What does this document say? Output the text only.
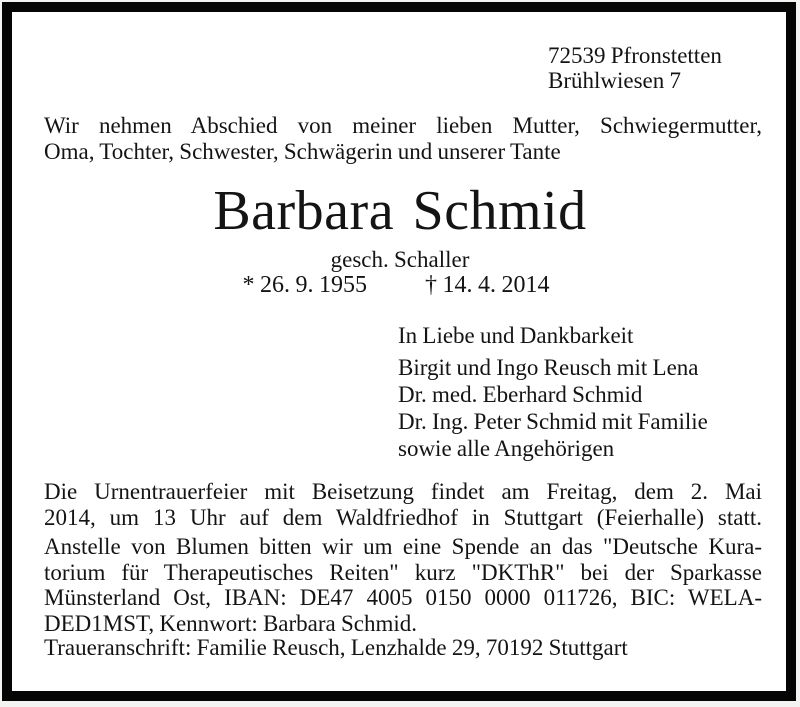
72539 Pfronstetten
Brühlwiesen 7
Wir nehmen Abschied von meiner lieben Mutter, Schwiegermutter,
Oma, Tochter, Schwester, Schwägerin und unserer Tante
Barbara Schmid
gesch. Schaller
* 26. 9. 1955 † 14. 4. 2014
In Liebe und Dankbarkeit
Birgit und Ingo Reusch mit Lena
Dr. med. Eberhard Schmid
Dr. Ing. Peter Schmid mit Familie
sowie alle Angehörigen
Die Urnentrauerfeier mit Beisetzung findet am Freitag, dem 2. Mai
2014, um 13 Uhr auf dem Waldfriedhof in Stuttgart (Feierhalle) statt.
Anstelle von Blumen bitten wir um eine Spende an das "Deutsche Kura-
torium für Therapeutisches Reiten" kurz "DKThR" bei der Sparkasse
Münsterland Ost, IBAN: DE47 4005 0150 0000 011726, BIC: WELA-
DED1MST, Kennwort: Barbara Schmid.
Traueranschrift: Familie Reusch, Lenzhalde 29, 70192 Stuttgart
